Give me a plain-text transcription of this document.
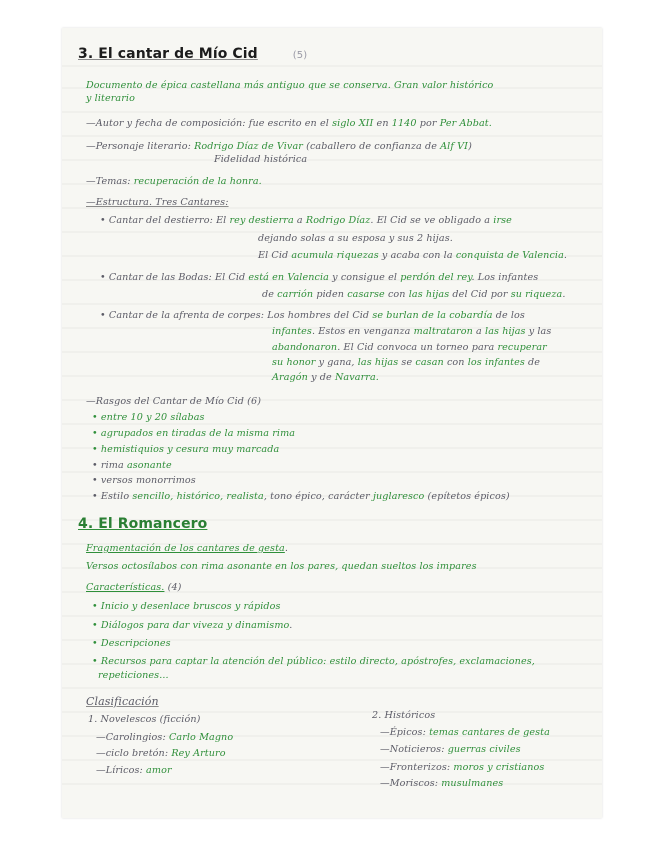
3. El cantar de Mío Cid	(5)
Documento de épica castellana más antiguo que se conserva. Gran valor histórico
y literario
—Autor y fecha de composición: fue escrito en el siglo XII en 1140 por Per Abbat.
—Personaje literario: Rodrigo Díaz de Vivar (caballero de confianza de Alf VI)
Fidelidad histórica
—Temas: recuperación de la honra.
—Estructura. Tres Cantares:
• Cantar del destierro: El rey destierra a Rodrigo Díaz. El Cid se ve obligado a irse
dejando solas a su esposa y sus 2 hijas.
El Cid acumula riquezas y acaba con la conquista de Valencia.
• Cantar de las Bodas: El Cid está en Valencia y consigue el perdón del rey. Los infantes
de carrión piden casarse con las hijas del Cid por su riqueza.
• Cantar de la afrenta de corpes: Los hombres del Cid se burlan de la cobardía de los
infantes. Estos en venganza maltrataron a las hijas y las
abandonaron. El Cid convoca un torneo para recuperar
su honor y gana, las hijas se casan con los infantes de
Aragón y de Navarra.
—Rasgos del Cantar de Mío Cid (6)
• entre 10 y 20 sílabas
• agrupados en tiradas de la misma rima
• hemistiquios y cesura muy marcada
• rima asonante
• versos monorrimos
• Estilo sencillo, histórico, realista, tono épico, carácter juglaresco (epítetos épicos)
4. El Romancero
Fragmentación de los cantares de gesta.
Versos octosílabos con rima asonante en los pares, quedan sueltos los impares
Características. (4)
• Inicio y desenlace bruscos y rápidos
• Diálogos para dar viveza y dinamismo.
• Descripciones
• Recursos para captar la atención del público: estilo directo, apóstrofes, exclamaciones,
repeticiones...
Clasificación
1. Novelescos (ficción)
—Carolingios: Carlo Magno
—ciclo bretón: Rey Arturo
—Líricos: amor
2. Históricos
—Épicos: temas cantares de gesta
—Noticieros: guerras civiles
—Fronterizos: moros y cristianos
—Moriscos: musulmanes
